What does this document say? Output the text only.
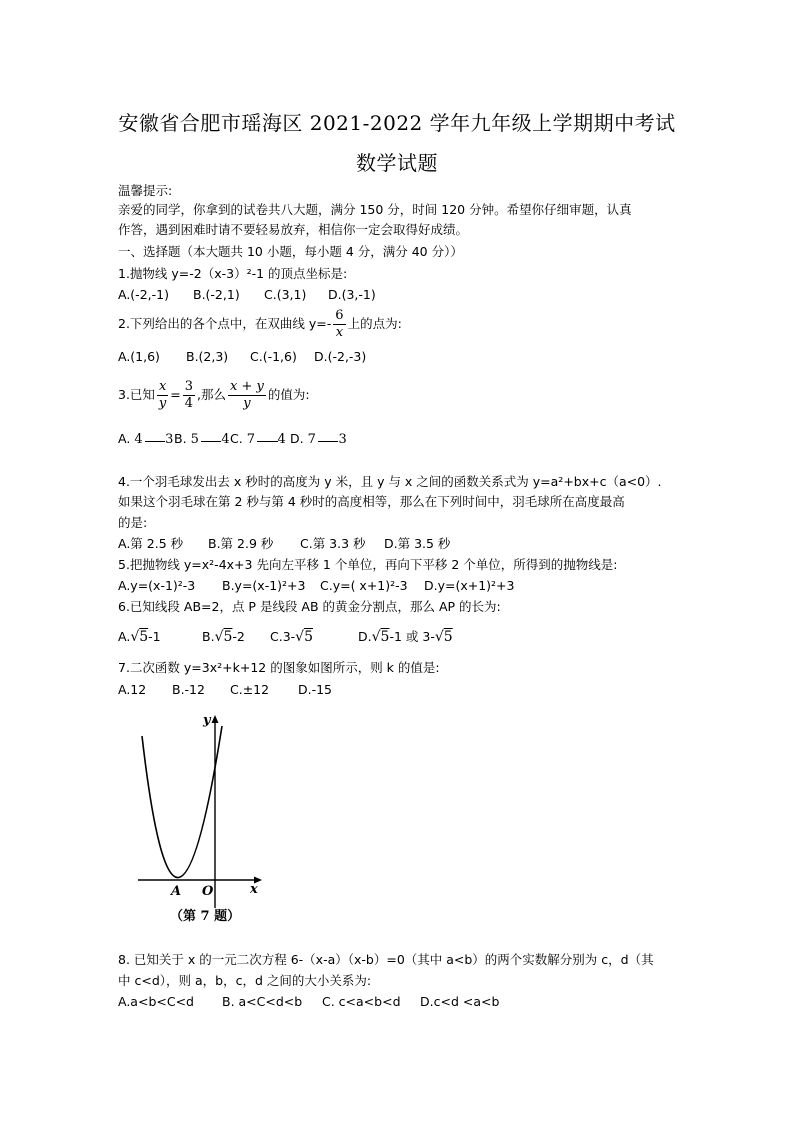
安徽省合肥市瑶海区 2021-2022 学年九年级上学期期中考试
数学试题
温馨提示:
亲爱的同学，你拿到的试卷共八大题，满分 150 分，时间 120 分钟。希望你仔细审题，认真
作答，遇到困难时请不要轻易放弃，相信你一定会取得好成绩。
一、选择题（本大题共 10 小题，每小题 4 分，满分 40 分））
1.抛物线 y=-2（x-3）²-1 的顶点坐标是:
A.(-2,-1) B.(-2,1) C.(3,1) D.(3,-1)
2.下列给出的各个点中，在双曲线 $y=- \frac{6}{x}$ 上的点为:
A.(1,6) B.(2,3) C.(-1,6) D.(-2,-3)
3.已知 $\frac{x}{y} = \frac{3}{4}$ ,那么 $\frac{x + y}{y}$ 的值为:
A. 4 3B. 5 4C. 7 4 D. 7 3
4.一个羽毛球发出去 x 秒时的高度为 y 米，且 y 与 x 之间的函数关系式为 y=a²+bx+c（a<0）.
如果这个羽毛球在第 2 秒与第 4 秒时的高度相等，那么在下列时间中，羽毛球所在高度最高
的是:
A.第 2.5 秒 B.第 2.9 秒 C.第 3.3 秒 D.第 3.5 秒
5.把抛物线 y=x²-4x+3 先向左平移 1 个单位，再向下平移 2 个单位，所得到的抛物线是:
A.y=(x-1)²-3 B.y=(x-1)²+3 C.y=( x+1)²-3 D.y=(x+1)²+3
6.已知线段 AB=2，点 P 是线段 AB 的黄金分割点，那么 AP 的长为:
A.√5-1	B.√5-2 C.3-√5	D.√5-1 或 3-√5
7.二次函数 y=3x²+k+12 的图象如图所示，则 k 的值是:
A.12 B.-12 C.±12 D.-15
y
x
A O
（第 7 题）
8. 已知关于 x 的一元二次方程 6-（x-a）（x-b）=0（其中 a<b）的两个实数解分别为 c，d（其
中 c<d），则 a，b，c，d 之间的大小关系为:
A.a<b<C<d B. a<C<d<b C. c<a<b<d D.c<d <a<b
